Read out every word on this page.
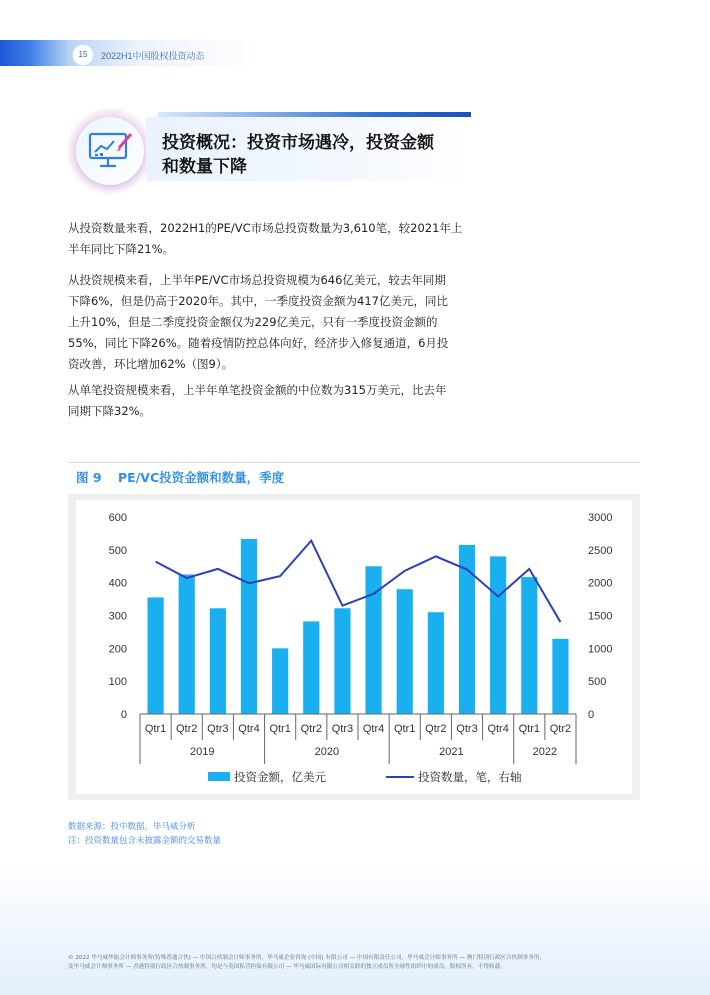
15	2022H1中国股权投资动态
投资概况：投资市场遇冷，投资金额
和数量下降
从投资数量来看，2022H1的PE/VC市场总投资数量为3,610笔，较2021年上
半年同比下降21%。
从投资规模来看，上半年PE/VC市场总投资规模为646亿美元，较去年同期
下降6%，但是仍高于2020年。其中，一季度投资金额为417亿美元，同比
上升10%，但是二季度投资金额仅为229亿美元，只有一季度投资金额的
55%，同比下降26%。随着疫情防控总体向好，经济步入修复通道，6月投
资改善，环比增加62%（图9）。
从单笔投资规模来看，上半年单笔投资金额的中位数为315万美元，比去年
同期下降32%。
图 9 PE/VC投资金额和数量，季度
0
100
200
300
400
500
600
0
500
1000
1500
2000
2500
3000
Qtr1 Qtr2 Qtr3 Qtr4 Qtr1 Qtr2 Qtr3 Qtr4 Qtr1 Qtr2 Qtr3 Qtr4 Qtr1 Qtr2
2019	2020	2021	2022
投资金额，亿美元	投资数量，笔，右轴
数据来源：投中数据，毕马威分析
注：投资数量包含未披露金额的交易数量
© 2022 毕马威华振会计师事务所(特殊普通合伙) — 中国合伙制会计师事务所，毕马威企业咨询 (中国) 有限公司 — 中国有限责任公司，毕马威会计师事务所 — 澳门特别行政区合伙制事务所，
及毕马威会计师事务所 — 香港特别行政区合伙制事务所，均是与英国私营担保有限公司 — 毕马威国际有限公司相关联的独立成员所全球性组织中的成员。版权所有，不得转载。
